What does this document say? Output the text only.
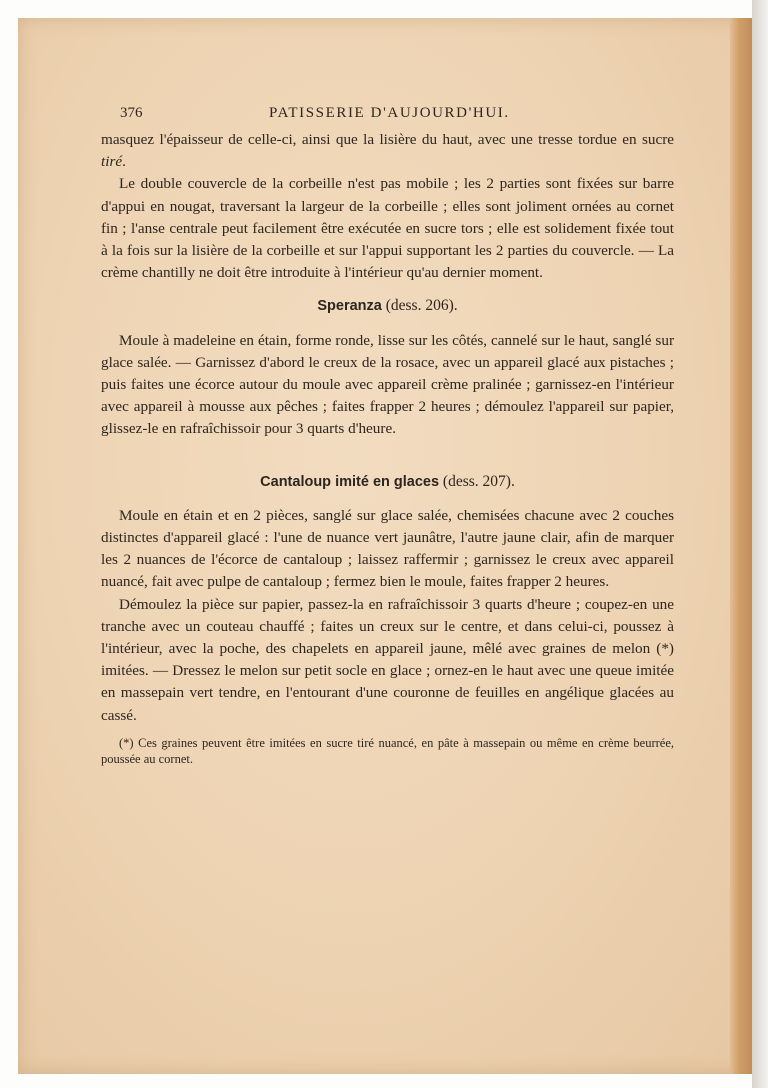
376	PATISSERIE D'AUJOURD'HUI.

masquez l'épaisseur de celle-ci, ainsi que la lisière du haut, avec une tresse tordue en sucre tiré.

Le double couvercle de la corbeille n'est pas mobile ; les 2 parties sont fixées sur barre d'appui en nougat, traversant la largeur de la corbeille ; elles sont joliment ornées au cornet fin ; l'anse centrale peut facilement être exécutée en sucre tors ; elle est solidement fixée tout à la fois sur la lisière de la corbeille et sur l'appui supportant les 2 parties du couvercle. — La crème chantilly ne doit être introduite à l'intérieur qu'au dernier moment.

Speranza (dess. 206).

Moule à madeleine en étain, forme ronde, lisse sur les côtés, cannelé sur le haut, sanglé sur glace salée. — Garnissez d'abord le creux de la rosace, avec un appareil glacé aux pistaches ; puis faites une écorce autour du moule avec appareil crème pralinée ; garnissez-en l'intérieur avec appareil à mousse aux pêches ; faites frapper 2 heures ; démoulez l'appareil sur papier, glissez-le en rafraîchissoir pour 3 quarts d'heure.

Cantaloup imité en glaces (dess. 207).

Moule en étain et en 2 pièces, sanglé sur glace salée, chemisées chacune avec 2 couches distinctes d'appareil glacé : l'une de nuance vert jaunâtre, l'autre jaune clair, afin de marquer les 2 nuances de l'écorce de cantaloup ; laissez raffermir ; garnissez le creux avec appareil nuancé, fait avec pulpe de cantaloup ; fermez bien le moule, faites frapper 2 heures.

Démoulez la pièce sur papier, passez-la en rafraîchissoir 3 quarts d'heure ; coupez-en une tranche avec un couteau chauffé ; faites un creux sur le centre, et dans celui-ci, poussez à l'intérieur, avec la poche, des chapelets en appareil jaune, mêlé avec graines de melon (*) imitées. — Dressez le melon sur petit socle en glace ; ornez-en le haut avec une queue imitée en massepain vert tendre, en l'entourant d'une couronne de feuilles en angélique glacées au cassé.

(*) Ces graines peuvent être imitées en sucre tiré nuancé, en pâte à massepain ou même en crème beurrée, poussée au cornet.
